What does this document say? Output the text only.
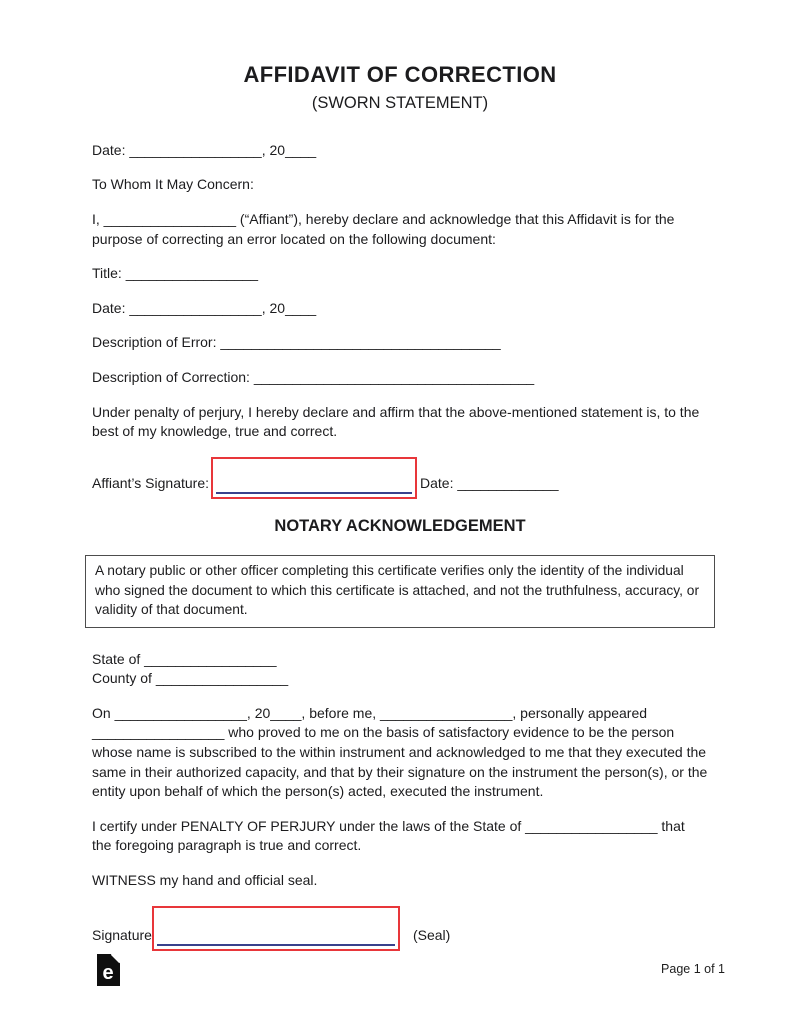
AFFIDAVIT OF CORRECTION
(SWORN STATEMENT)

Date: _________________, 20____

To Whom It May Concern:

I, _________________ (“Affiant”), hereby declare and acknowledge that this Affidavit is for the purpose of correcting an error located on the following document:

Title: _________________

Date: _________________, 20____

Description of Error: ____________________________________

Description of Correction: ____________________________________

Under penalty of perjury, I hereby declare and affirm that the above-mentioned statement is, to the best of my knowledge, true and correct.

Affiant’s Signature:	Date: _____________
NOTARY ACKNOWLEDGEMENT
A notary public or other officer completing this certificate verifies only the identity of the individual who signed the document to which this certificate is attached, and not the truthfulness, accuracy, or validity of that document.

State of _________________

County of _________________

On _________________, 20____, before me, _________________, personally appeared _________________ who proved to me on the basis of satisfactory evidence to be the person whose name is subscribed to the within instrument and acknowledged to me that they executed the same in their authorized capacity, and that by their signature on the instrument the person(s), or the entity upon behalf of which the person(s) acted, executed the instrument.

I certify under PENALTY OF PERJURY under the laws of the State of _________________ that the foregoing paragraph is true and correct.

WITNESS my hand and official seal.

Signature	(Seal)
e	Page 1 of 1
